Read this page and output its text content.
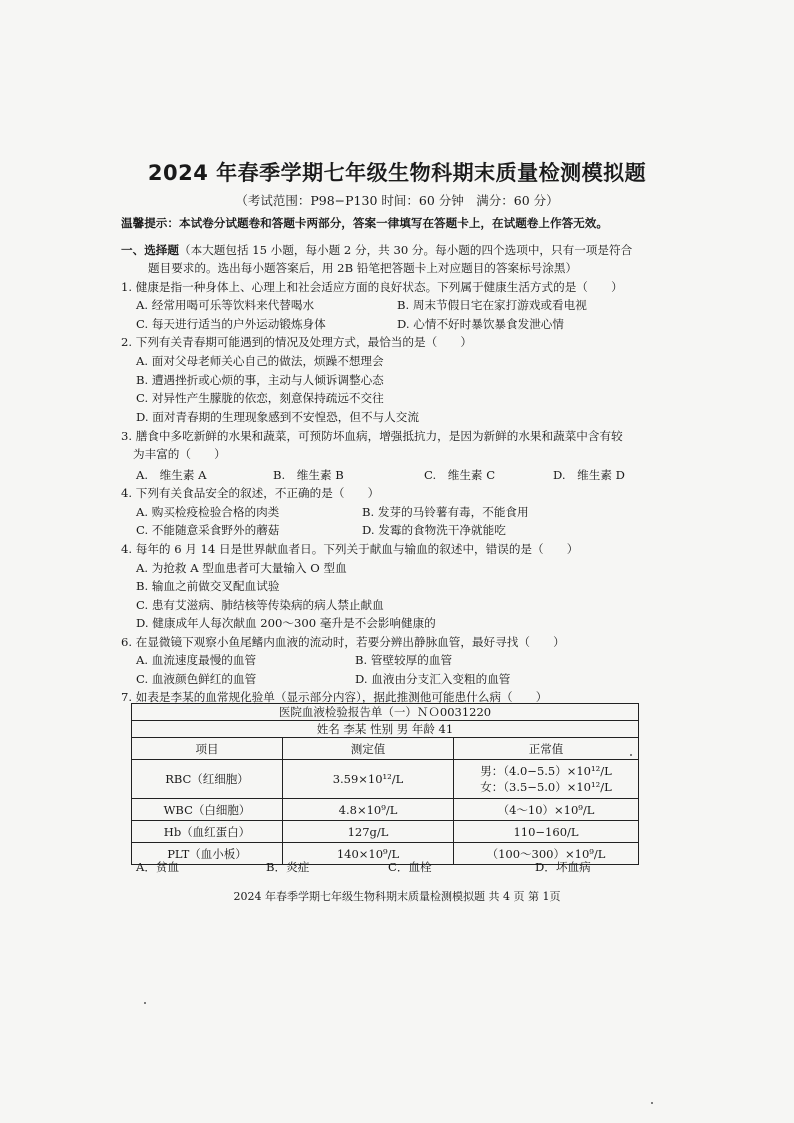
2024 年春季学期七年级生物科期末质量检测模拟题
（考试范围：P98−P130 时间：60 分钟　满分：60 分）
温馨提示：本试卷分试题卷和答题卡两部分，答案一律填写在答题卡上，在试题卷上作答无效。
一、选择题（本大题包括 15 小题，每小题 2 分，共 30 分。每小题的四个选项中，只有一项是符合
题目要求的。选出每小题答案后，用 2B 铅笔把答题卡上对应题目的答案标号涂黑）
1. 健康是指一种身体上、心理上和社会适应方面的良好状态。下列属于健康生活方式的是（　　）
A. 经常用喝可乐等饮料来代替喝水	B. 周末节假日宅在家打游戏或看电视
C. 每天进行适当的户外运动锻炼身体	D. 心情不好时暴饮暴食发泄心情
2. 下列有关青春期可能遇到的情况及处理方式，最恰当的是（　　）
A. 面对父母老师关心自己的做法，烦躁不想理会
B. 遭遇挫折或心烦的事，主动与人倾诉调整心态
C. 对异性产生朦胧的依恋，刻意保持疏远不交往
D. 面对青春期的生理现象感到不安惶恐，但不与人交流
3. 膳食中多吃新鲜的水果和蔬菜，可预防坏血病，增强抵抗力，是因为新鲜的水果和蔬菜中含有较
为丰富的（　　）
A.　维生素 A	B.　维生素 B	C.　维生素 C	D.　维生素 D
4. 下列有关食品安全的叙述，不正确的是（　　）
A. 购买检疫检验合格的肉类	B. 发芽的马铃薯有毒，不能食用
C. 不能随意采食野外的蘑菇	D. 发霉的食物洗干净就能吃
4. 每年的 6 月 14 日是世界献血者日。下列关于献血与输血的叙述中，错误的是（　　）
A. 为抢救 A 型血患者可大量输入 O 型血
B. 输血之前做交叉配血试验
C. 患有艾滋病、肺结核等传染病的病人禁止献血
D. 健康成年人每次献血 200～300 毫升是不会影响健康的
6. 在显微镜下观察小鱼尾鳍内血液的流动时，若要分辨出静脉血管，最好寻找（　　）
A. 血流速度最慢的血管	B. 管壁较厚的血管
C. 血液颜色鲜红的血管	D. 血液由分支汇入变粗的血管
7. 如表是李某的血常规化验单（显示部分内容），据此推测他可能患什么病（　　）
医院血液检验报告单（一）ＮＯ0031220		
姓名 李某 性别 男 年龄 41		
项目	测定值	正常值
RBC（红细胞）	3.59×10¹²/L	男：（4.0−5.5）×10¹²/L
女：（3.5−5.0）×10¹²/L

WBC（白细胞）	4.8×10⁹/L	（4～10）×10⁹/L
Hb（血红蛋白）	127g/L	110−160/L
PLT（血小板）	140×10⁹/L	（100～300）×10⁹/L
A．贫血	B．炎症	C．血栓	D．坏血病
2024 年春季学期七年级生物科期末质量检测模拟题 共 4 页 第 1页
